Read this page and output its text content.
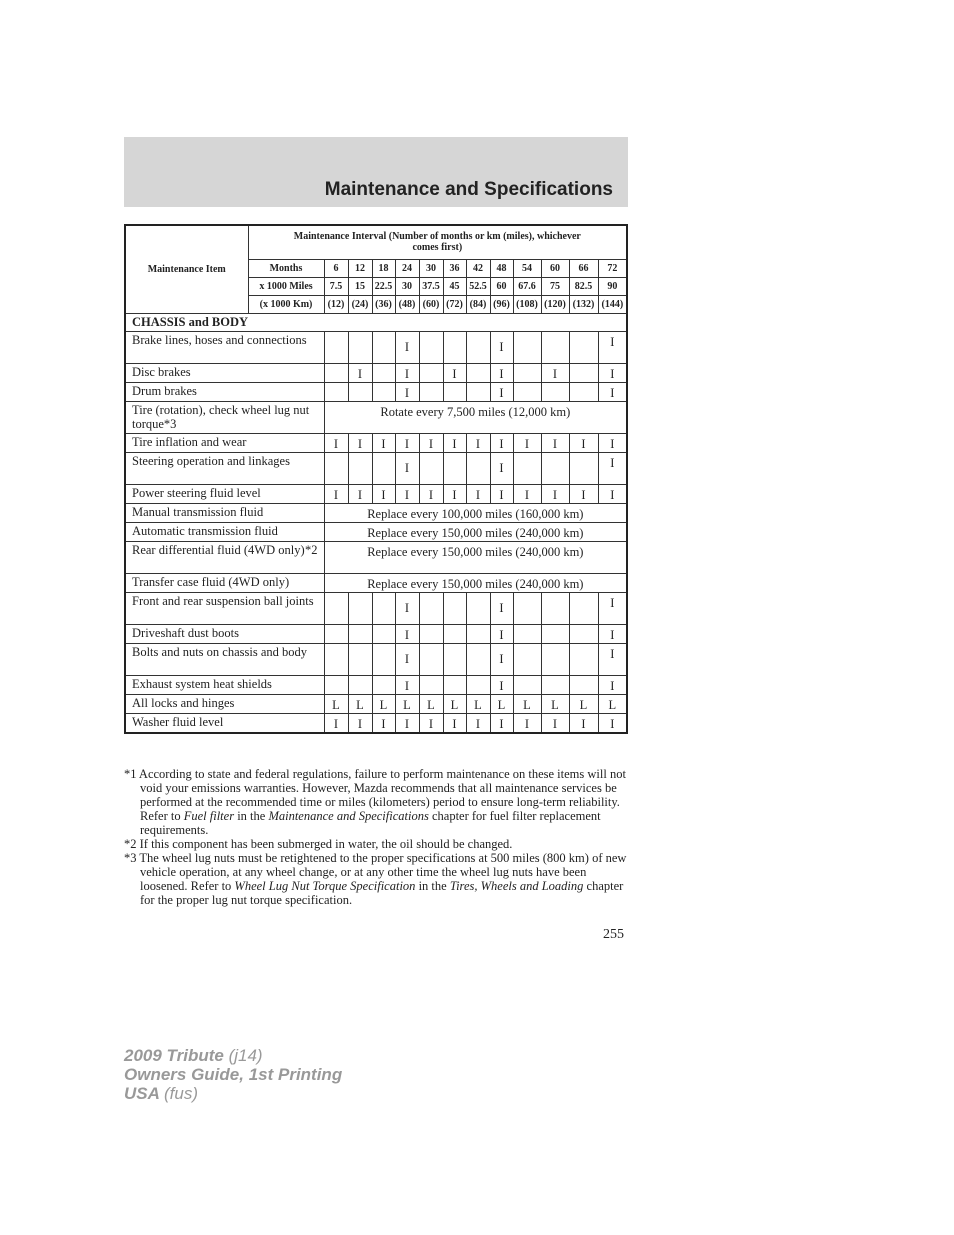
Maintenance and Specifications
Maintenance Item	Maintenance Interval (Number of months or km (miles), whichever comes first)												
	Months	6	12	18	24	30	36	42	48	54	60	66	72
	x 1000 Miles	7.5	15	22.5	30	37.5	45	52.5	60	67.6	75	82.5	90
	(x 1000 Km)	(12)	(24)	(36)	(48)	(60)	(72)	(84)	(96)	(108)	(120)	(132)	(144)
CHASSIS and BODY													
Brake lines, hoses and connections					I				I				I
Disc brakes			I		I		I		I		I		I
Drum brakes					I				I				I
Tire (rotation), check wheel lug nut torque*3		Rotate every 7,500 miles (12,000 km)											
Tire inflation and wear		I	I	I	I	I	I	I	I	I	I	I	I
Steering operation and linkages					I				I				I
Power steering fluid level		I	I	I	I	I	I	I	I	I	I	I	I
Manual transmission fluid		Replace every 100,000 miles (160,000 km)											
Automatic transmission fluid		Replace every 150,000 miles (240,000 km)											

*2
Rear differential fluid (4WD only)		Replace every 150,000 miles (240,000 km)											
Transfer case fluid (4WD only)		Replace every 150,000 miles (240,000 km)											
Front and rear suspension ball joints					I				I				I
Driveshaft dust boots					I				I				I
Bolts and nuts on chassis and body					I				I				I
Exhaust system heat shields					I				I				I
All locks and hinges		L	L	L	L	L	L	L	L	L	L	L	L
Washer fluid level		I	I	I	I	I	I	I	I	I	I	I	I
*1 According to state and federal regulations, failure to perform maintenance on these items will not void your emissions warranties. However, Mazda recommends that all maintenance services be performed at the recommended time or miles (kilometers) period to ensure long-term reliability. Refer to Fuel filter in the Maintenance and Specifications chapter for fuel filter replacement requirements.
*2 If this component has been submerged in water, the oil should be changed.
*3 The wheel lug nuts must be retightened to the proper specifications at 500 miles (800 km) of new vehicle operation, at any wheel change, or at any other time the wheel lug nuts have been loosened. Refer to Wheel Lug Nut Torque Specification in the Tires, Wheels and Loading chapter for the proper lug nut torque specification.
255
2009 Tribute (j14)
Owners Guide, 1st Printing
USA (fus)
